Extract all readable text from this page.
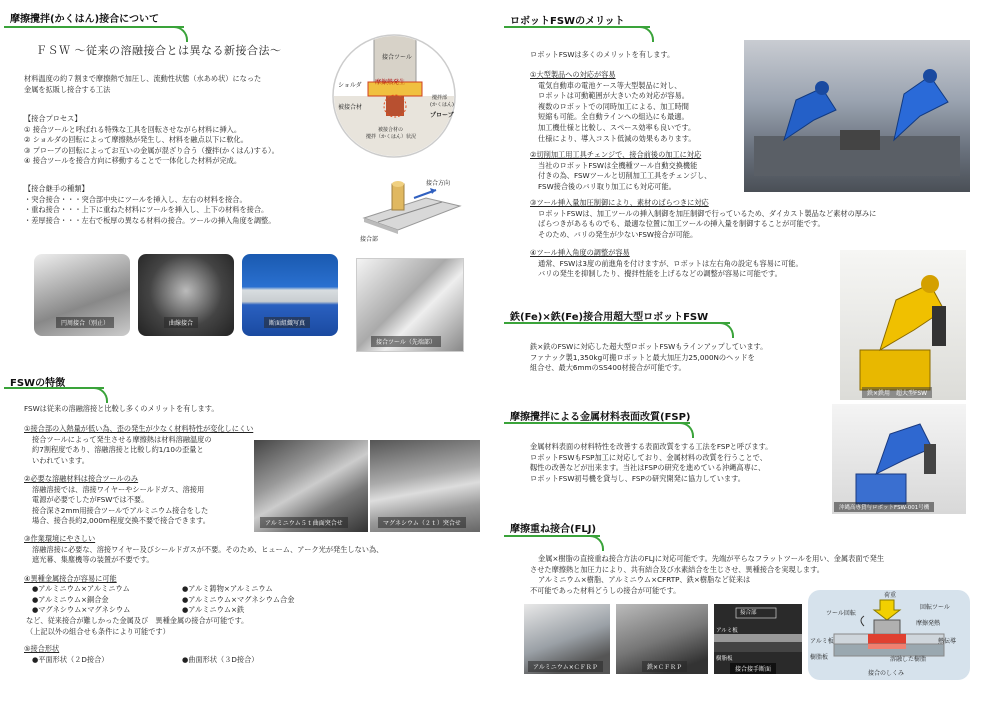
摩擦攪拌(かくはん)接合について
ＦＳＷ ～従来の溶融接合とは異なる新接合法～
材料温度の約７割まで摩擦熱で加圧し、流動性状態（水あめ状）になった
金属を拡販し接合する工法
【接合プロセス】
① 接合ツールと呼ばれる特殊な工具を回転させながら材料に挿入。
② ショルダの回転によって摩擦熱が発生し、材料を融点以下に軟化。
③ プローブの回転によってお互いの金属が混ざり合う（攪拌(かくはん)する）。
④ 接合ツールを接合方向に移動することで一体化した材料が完成。
【接合継手の種類】
・突合接合・・・突合部中央にツールを挿入し、左右の材料を接合。
・重ね接合・・・上下に重ねた材料にツールを挿入し、上下の材料を接合。
・差厚接合・・・左右で板厚の異なる材料の接合。ツールの挿入角度を調整。
接合ツール
ショルダ 摩擦熱発生
被接合材
攪拌部
(かくはん)
プローブ
被接合材の
攪拌（かくはん）状況
接合方向
接合部
円周接合（別止）	曲線接合	断面組織写真
接合ツール（先端部）
FSWの特徴
FSWは従来の溶融溶接と比較し多くのメリットを有します。
①接合部の入熱量が低い為、歪の発生が少なく材料特性が変化しにくい
接合ツールによって発生させる摩擦熱は材料溶融温度の
約7割程度であり、溶融溶接と比較し約1/10の歪量と
いわれています。
②必要な溶融材料は接合ツールのみ
溶融溶接では、溶接ワイヤーやシールドガス、溶接用
電源が必要でしたがFSWでは不要。
接合深さ2mm用接合ツールでアルミニウム接合をした
場合、接合長約2,000m程度交換不要で接合できます。
③作業環境にやさしい
溶融溶接に必要な、溶接ワイヤー及びシールドガスが不要。そのため、ヒューム、アーク光が発生しない為、
遮光幕、集塵機等の装置が不要です。
④異種金属接合が容易に可能
●アルミニウム×アルミニウム
●アルミニウム×銅合金
●マグネシウム×マグネシウム
●アルミ鋳物×アルミニウム
●アルミニウム×マグネシウム合金
●アルミニウム×鉄
など、従来接合が難しかった金属及び　異種金属の接合が可能です。
（上記以外の組合せも条件により可能です）
⑤接合形状
●平面形状（２D接合）	●曲面形状（３D接合）
アルミニウム５ｔ曲面突合せ	マグネシウム（２ｔ）突合せ
ロボットFSWのメリット
ロボットFSWは多くのメリットを有します。
①大型製品への対応が容易
電気自動車の電池ケース等大型製品に対し、
ロボットは可動範囲が大きいため対応が容易。
複数のロボットでの同時加工による、加工時間
短縮も可能。全自動ラインへの組込にも最適。
加工機仕様と比較し、スペース効率も良いです。
仕様により、導入コスト低減の効果もあります。
②切削加工用工具チェンジで、接合前後の加工に対応
当社のロボットFSWは全機種ツール自動交換機能
付きの為、FSWツールと切削加工工具をチェンジし、
FSW接合後のバリ取り加工にも対応可能。
③ツール挿入量加圧制御により、素材のばらつきに対応
ロボットFSWは、加工ツールの挿入制御を加圧制御で行っているため、ダイカスト製品など素材の厚みに
ばらつきがあるものでも、最適な位置に加工ツールの挿入量を制御することが可能です。
そのため、バリの発生が少ないFSW接合が可能。
④ツール挿入角度の調整が容易
通常、FSWは3度の前進角を付けますが、ロボットは左右角の設定も容易に可能。
バリの発生を抑制したり、攪拌性能を上げるなどの調整が容易に可能です。
鉄(Fe)×鉄(Fe)接合用超大型ロボットFSW
鉄×鉄のFSWに対応した超大型ロボットFSWもラインアップしています。
ファナック製1,350kg可搬ロボットと最大加圧力25,000Nのヘッドを
組合せ、最大6mmのSS400材接合が可能です。
鉄×鉄用　超大型FSW
摩擦攪拌による金属材料表面改質(FSP)
金属材料表面の材料特性を改善する表面改質をする工法をFSPと呼びます。
ロボットFSWもFSP加工に対応しており、金属材料の改質を行うことで、
靱性の改善などが出来ます。当社はFSPの研究を進めている沖縄高専に、
ロボットFSW初号機を貸与し、FSPの研究開発に協力しています。
沖縄高専貸与ロボットFSW-001号機
摩擦重ね接合(FLJ)
金属×樹脂の直接重ね接合方法のFLJに対応可能です。先端が平らなフラットツールを用い、金属表面で発生
させた摩擦熱と加圧力により、共有結合及び水素結合を生じさせ、異種接合を実現します。
アルミニウム×樹脂、アルミニウム×CFRTP、鉄×樹脂など従来は
不可能であった材料どうしの接合が可能です。
アルミニウム×ＣＦＲＰ	鉄×ＣＦＲＰ
接合部
アルミ板
樹脂板
接合接手断面
荷重
ツール回転
回転ツール
摩擦発熱
アルミ板	熱伝導
樹脂板	溶融した樹脂
接合のしくみ
